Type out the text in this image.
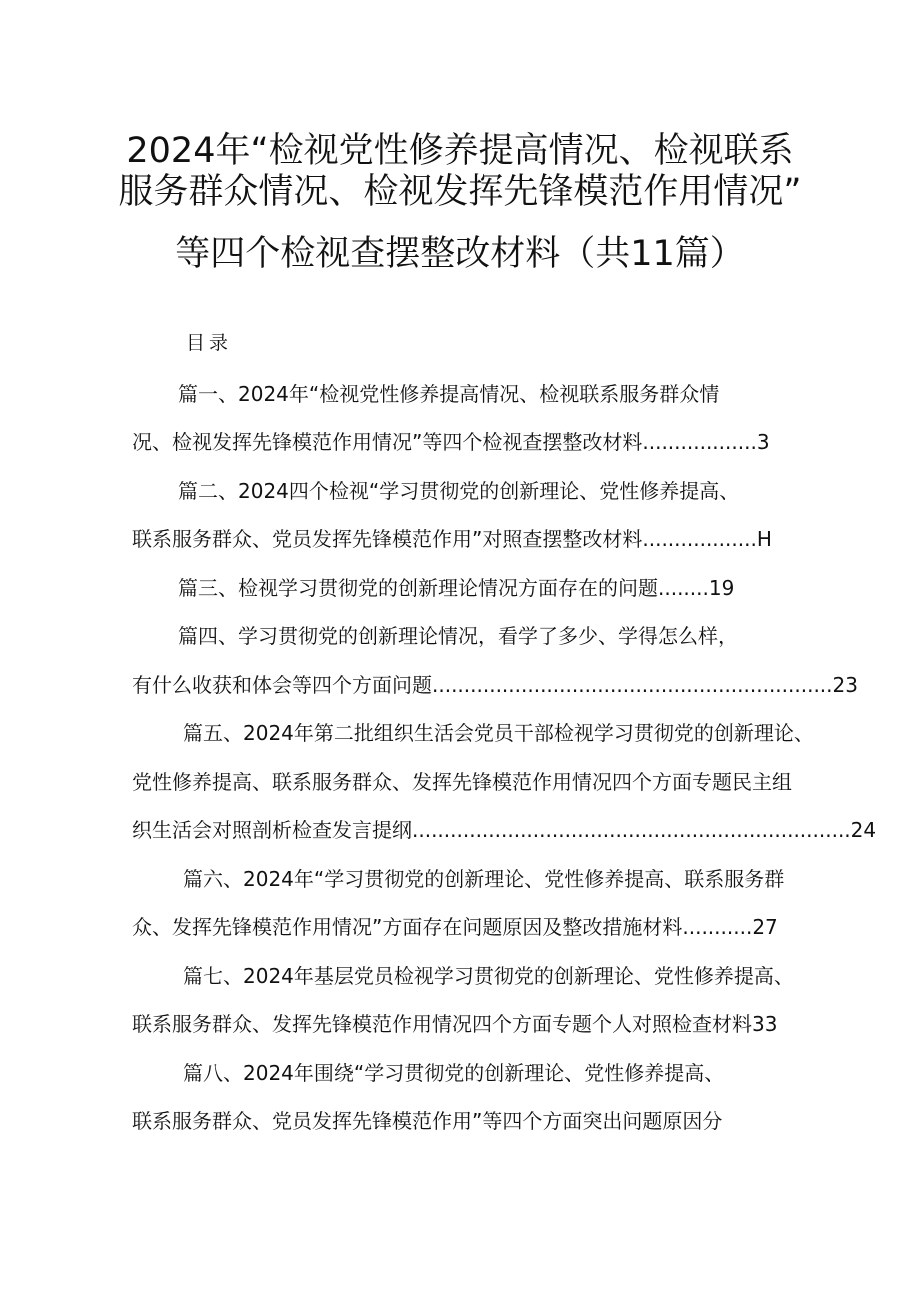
2024年“检视党性修养提高情况、检视联系
服务群众情况、检视发挥先锋模范作用情况”
等四个检视查摆整改材料（共11篇）
目录
篇一、2024年“检视党性修养提高情况、检视联系服务群众情
况、检视发挥先锋模范作用情况”等四个检视查摆整改材料..................3
篇二、2024四个检视“学习贯彻党的创新理论、党性修养提高、
联系服务群众、党员发挥先锋模范作用”对照查摆整改材料..................H
篇三、检视学习贯彻党的创新理论情况方面存在的问题........19
篇四、学习贯彻党的创新理论情况，看学了多少、学得怎么样，
有什么收获和体会等四个方面问题...............................................................23
篇五、2024年第二批组织生活会党员干部检视学习贯彻党的创新理论、
党性修养提高、联系服务群众、发挥先锋模范作用情况四个方面专题民主组
织生活会对照剖析检查发言提纲.....................................................................24
篇六、2024年“学习贯彻党的创新理论、党性修养提高、联系服务群
众、发挥先锋模范作用情况”方面存在问题原因及整改措施材料...........27
篇七、2024年基层党员检视学习贯彻党的创新理论、党性修养提高、
联系服务群众、发挥先锋模范作用情况四个方面专题个人对照检查材料33
篇八、2024年围绕“学习贯彻党的创新理论、党性修养提高、
联系服务群众、党员发挥先锋模范作用”等四个方面突出问题原因分
